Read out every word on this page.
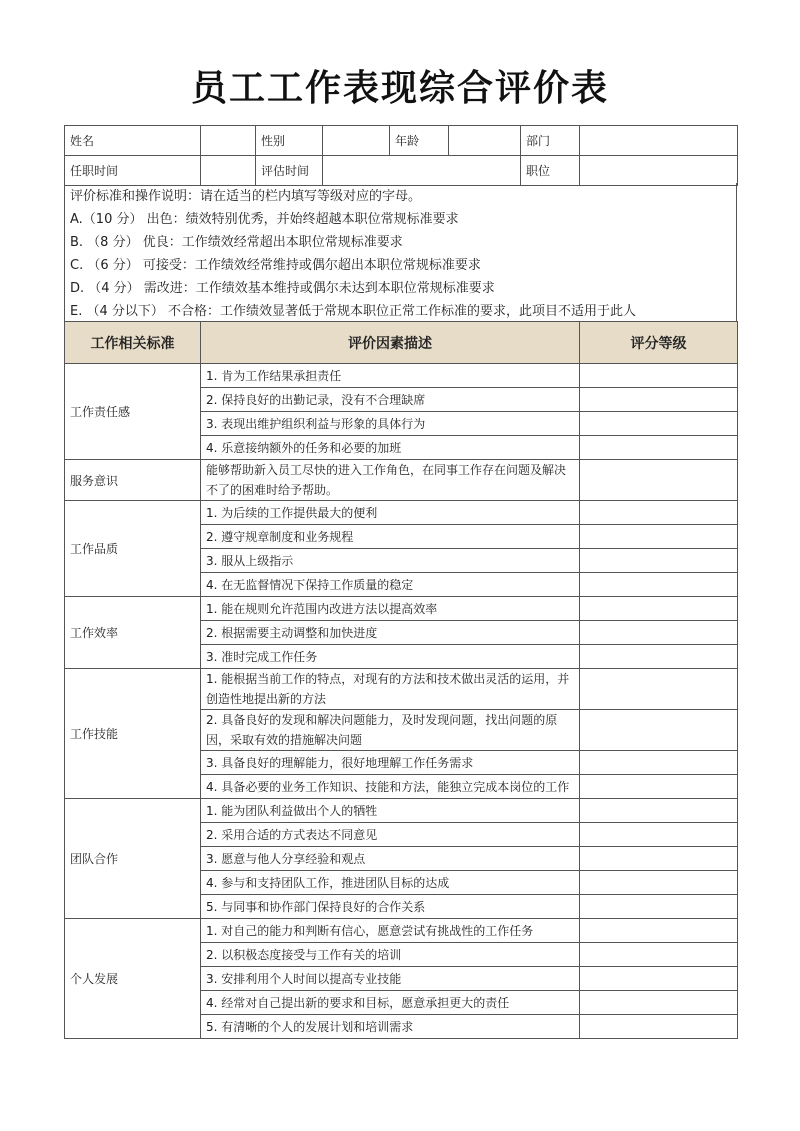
员工工作表现综合评价表
姓名		性别		年龄		部门	
任职时间		评估时间				职位	
评价标准和操作说明：请在适当的栏内填写等级对应的字母。
A.（10 分） 出色：绩效特别优秀，并始终超越本职位常规标准要求
B. （8 分） 优良：工作绩效经常超出本职位常规标准要求
C. （6 分） 可接受：工作绩效经常维持或偶尔超出本职位常规标准要求
D. （4 分） 需改进：工作绩效基本维持或偶尔未达到本职位常规标准要求
E. （4 分以下） 不合格：工作绩效显著低于常规本职位正常工作标准的要求，此项目不适用于此人
工作相关标准	评价因素描述	评分等级
工作责任感	1. 肯为工作结果承担责任	
	2. 保持良好的出勤记录，没有不合理缺席	
	3. 表现出维护组织利益与形象的具体行为	
	4. 乐意接纳额外的任务和必要的加班	
服务意识	能够帮助新入员工尽快的进入工作角色，在同事工作存在问题及解决不了的困难时给予帮助。	
工作品质	1. 为后续的工作提供最大的便利	
	2. 遵守规章制度和业务规程	
	3. 服从上级指示	
	4. 在无监督情况下保持工作质量的稳定	
工作效率	1. 能在规则允许范围内改进方法以提高效率	
	2. 根据需要主动调整和加快进度	
	3. 准时完成工作任务	
工作技能	1. 能根据当前工作的特点，对现有的方法和技术做出灵活的运用，并创造性地提出新的方法	
	2. 具备良好的发现和解决问题能力，及时发现问题，找出问题的原因，采取有效的措施解决问题	
	3. 具备良好的理解能力，很好地理解工作任务需求	
	4. 具备必要的业务工作知识、技能和方法，能独立完成本岗位的工作	
团队合作	1. 能为团队利益做出个人的牺牲	
	2. 采用合适的方式表达不同意见	
	3. 愿意与他人分享经验和观点	
	4. 参与和支持团队工作，推进团队目标的达成	
	5. 与同事和协作部门保持良好的合作关系	
个人发展	1. 对自己的能力和判断有信心，愿意尝试有挑战性的工作任务	
	2. 以积极态度接受与工作有关的培训	
	3. 安排利用个人时间以提高专业技能	
	4. 经常对自己提出新的要求和目标，愿意承担更大的责任	
	5. 有清晰的个人的发展计划和培训需求	
